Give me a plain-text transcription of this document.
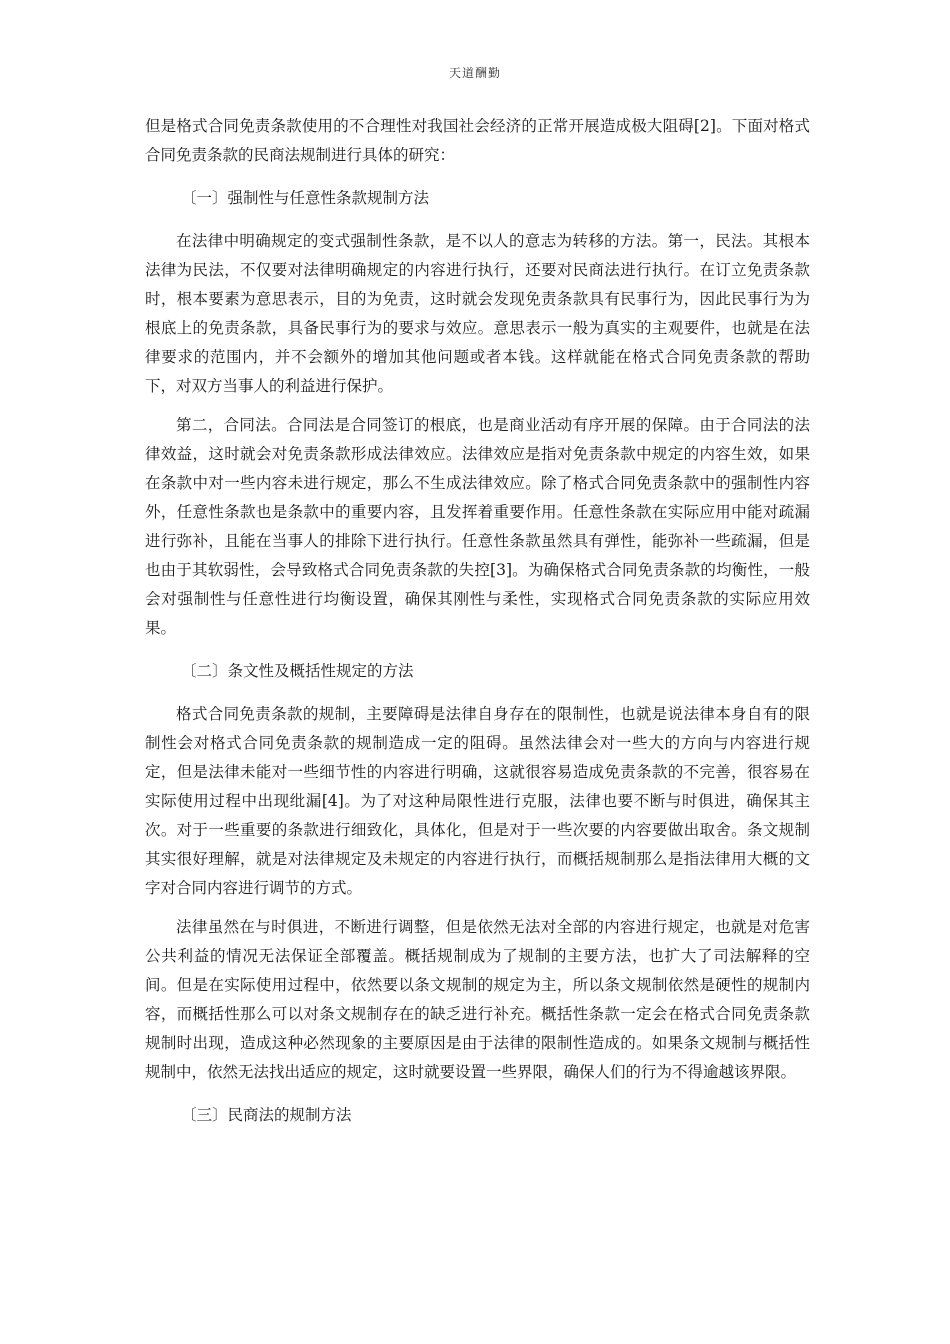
天道酬勤

但是格式合同免责条款使用的不合理性对我国社会经济的正常开展造成极大阻碍[2]。下面对格式合同免责条款的民商法规制进行具体的研究：

〔一〕强制性与任意性条款规制方法

在法律中明确规定的变式强制性条款，是不以人的意志为转移的方法。第一，民法。其根本法律为民法，不仅要对法律明确规定的内容进行执行，还要对民商法进行执行。在订立免责条款时，根本要素为意思表示，目的为免责，这时就会发现免责条款具有民事行为，因此民事行为为根底上的免责条款，具备民事行为的要求与效应。意思表示一般为真实的主观要件，也就是在法律要求的范围内，并不会额外的增加其他问题或者本钱。这样就能在格式合同免责条款的帮助下，对双方当事人的利益进行保护。

第二，合同法。合同法是合同签订的根底，也是商业活动有序开展的保障。由于合同法的法律效益，这时就会对免责条款形成法律效应。法律效应是指对免责条款中规定的内容生效，如果在条款中对一些内容未进行规定，那么不生成法律效应。除了格式合同免责条款中的强制性内容外，任意性条款也是条款中的重要内容，且发挥着重要作用。任意性条款在实际应用中能对疏漏进行弥补，且能在当事人的排除下进行执行。任意性条款虽然具有弹性，能弥补一些疏漏，但是也由于其软弱性，会导致格式合同免责条款的失控[3]。为确保格式合同免责条款的均衡性，一般会对强制性与任意性进行均衡设置，确保其刚性与柔性，实现格式合同免责条款的实际应用效果。

〔二〕条文性及概括性规定的方法

格式合同免责条款的规制，主要障碍是法律自身存在的限制性，也就是说法律本身自有的限制性会对格式合同免责条款的规制造成一定的阻碍。虽然法律会对一些大的方向与内容进行规定，但是法律未能对一些细节性的内容进行明确，这就很容易造成免责条款的不完善，很容易在实际使用过程中出现纰漏[4]。为了对这种局限性进行克服，法律也要不断与时俱进，确保其主次。对于一些重要的条款进行细致化，具体化，但是对于一些次要的内容要做出取舍。条文规制其实很好理解，就是对法律规定及未规定的内容进行执行，而概括规制那么是指法律用大概的文字对合同内容进行调节的方式。

法律虽然在与时俱进，不断进行调整，但是依然无法对全部的内容进行规定，也就是对危害公共利益的情况无法保证全部覆盖。概括规制成为了规制的主要方法，也扩大了司法解释的空间。但是在实际使用过程中，依然要以条文规制的规定为主，所以条文规制依然是硬性的规制内容，而概括性那么可以对条文规制存在的缺乏进行补充。概括性条款一定会在格式合同免责条款规制时出现，造成这种必然现象的主要原因是由于法律的限制性造成的。如果条文规制与概括性规制中，依然无法找出适应的规定，这时就要设置一些界限，确保人们的行为不得逾越该界限。

〔三〕民商法的规制方法
